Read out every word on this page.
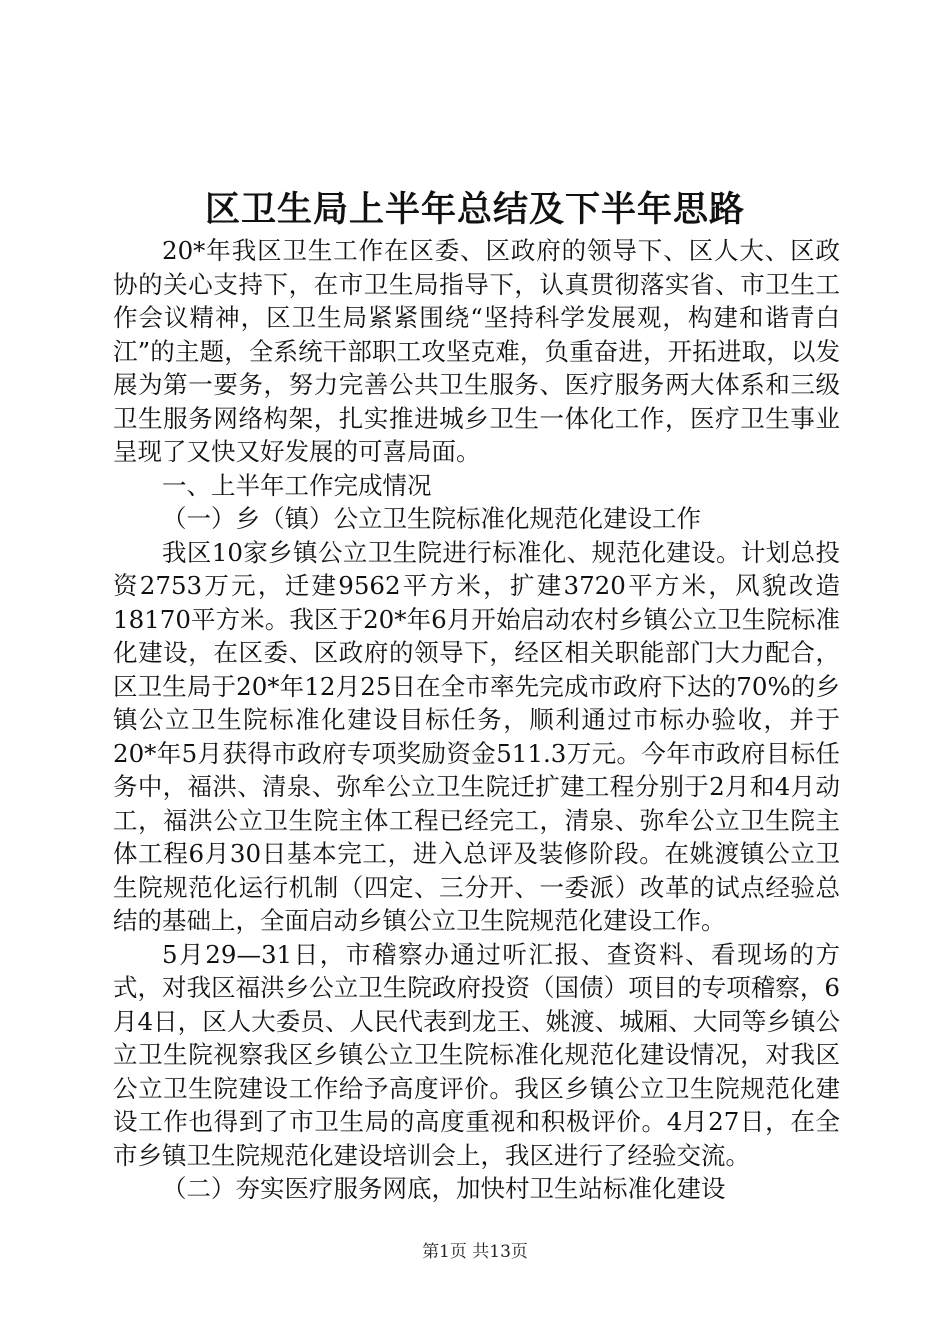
区卫生局上半年总结及下半年思路

20*年我区卫生工作在区委、区政府的领导下、区人大、区政协的关心支持下，在市卫生局指导下，认真贯彻落实省、市卫生工作会议精神，区卫生局紧紧围绕“坚持科学发展观，构建和谐青白江”的主题，全系统干部职工攻坚克难，负重奋进，开拓进取，以发展为第一要务，努力完善公共卫生服务、医疗服务两大体系和三级卫生服务网络构架，扎实推进城乡卫生一体化工作，医疗卫生事业呈现了又快又好发展的可喜局面。

一、上半年工作完成情况

（一）乡（镇）公立卫生院标准化规范化建设工作

我区10家乡镇公立卫生院进行标准化、规范化建设。计划总投资2753万元，迁建9562平方米，扩建3720平方米，风貌改造18170平方米。我区于20*年6月开始启动农村乡镇公立卫生院标准化建设，在区委、区政府的领导下，经区相关职能部门大力配合，区卫生局于20*年12月25日在全市率先完成市政府下达的70%的乡镇公立卫生院标准化建设目标任务，顺利通过市标办验收，并于20*年5月获得市政府专项奖励资金511.3万元。今年市政府目标任务中，福洪、清泉、弥牟公立卫生院迁扩建工程分别于2月和4月动工，福洪公立卫生院主体工程已经完工，清泉、弥牟公立卫生院主体工程6月30日基本完工，进入总评及装修阶段。在姚渡镇公立卫生院规范化运行机制（四定、三分开、一委派）改革的试点经验总结的基础上，全面启动乡镇公立卫生院规范化建设工作。

5月29—31日，市稽察办通过听汇报、查资料、看现场的方式，对我区福洪乡公立卫生院政府投资（国债）项目的专项稽察，6月4日，区人大委员、人民代表到龙王、姚渡、城厢、大同等乡镇公立卫生院视察我区乡镇公立卫生院标准化规范化建设情况，对我区公立卫生院建设工作给予高度评价。我区乡镇公立卫生院规范化建设工作也得到了市卫生局的高度重视和积极评价。4月27日，在全市乡镇卫生院规范化建设培训会上，我区进行了经验交流。

（二）夯实医疗服务网底，加快村卫生站标准化建设

第1页 共13页
